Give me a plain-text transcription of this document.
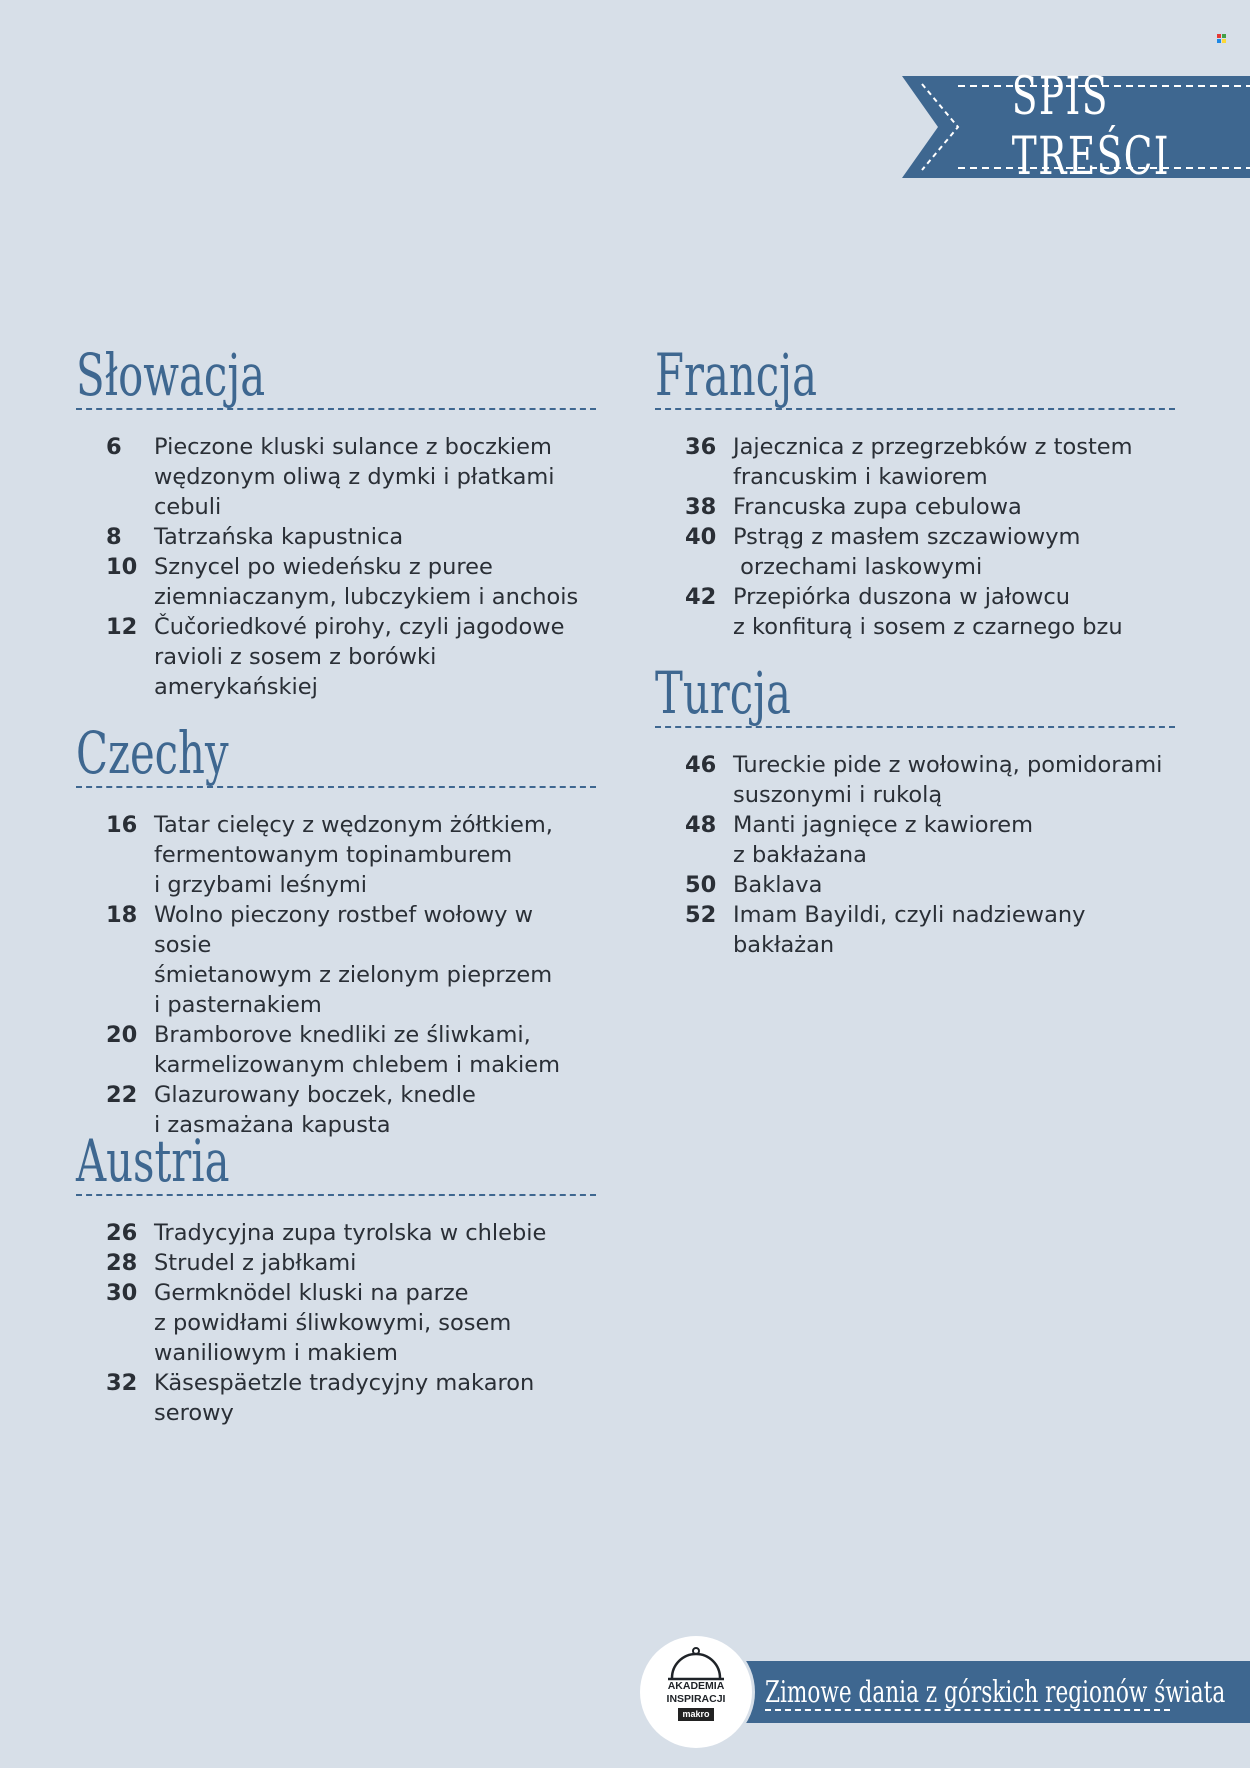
SPIS TREŚCI
Słowacja
6	Pieczone kluski sulance z boczkiem
wędzonym oliwą z dymki i płatkami
cebuli
8	Tatrzańska kapustnica
10 Sznycel po wiedeńsku z puree
ziemniaczanym, lubczykiem i anchois
12 Čučoriedkové pirohy, czyli jagodowe
ravioli z sosem z borówki
amerykańskiej
Czechy
16 Tatar cielęcy z wędzonym żółtkiem,
fermentowanym topinamburem
i grzybami leśnymi
18 Wolno pieczony rostbef wołowy w sosie
śmietanowym z zielonym pieprzem
i pasternakiem
20 Bramborove knedliki ze śliwkami,
karmelizowanym chlebem i makiem
22 Glazurowany boczek, knedle
i zasmażana kapusta
Austria
26 Tradycyjna zupa tyrolska w chlebie
28 Strudel z jabłkami
30 Germknödel kluski na parze
z powidłami śliwkowymi, sosem
waniliowym i makiem
32 Käsespäetzle tradycyjny makaron
serowy
Francja
36 Jajecznica z przegrzebków z tostem
francuskim i kawiorem
38 Francuska zupa cebulowa
40 Pstrąg z masłem szczawiowym
orzechami laskowymi
42 Przepiórka duszona w jałowcu
z konfiturą i sosem z czarnego bzu
Turcja
46 Tureckie pide z wołowiną, pomidorami
suszonymi i rukolą
48 Manti jagnięce z kawiorem
z bakłażana
50 Baklava
52 Imam Bayildi, czyli nadziewany
bakłażan
Zimowe dania z górskich regionów świata
AKADEMIA
INSPIRACJI
makro
